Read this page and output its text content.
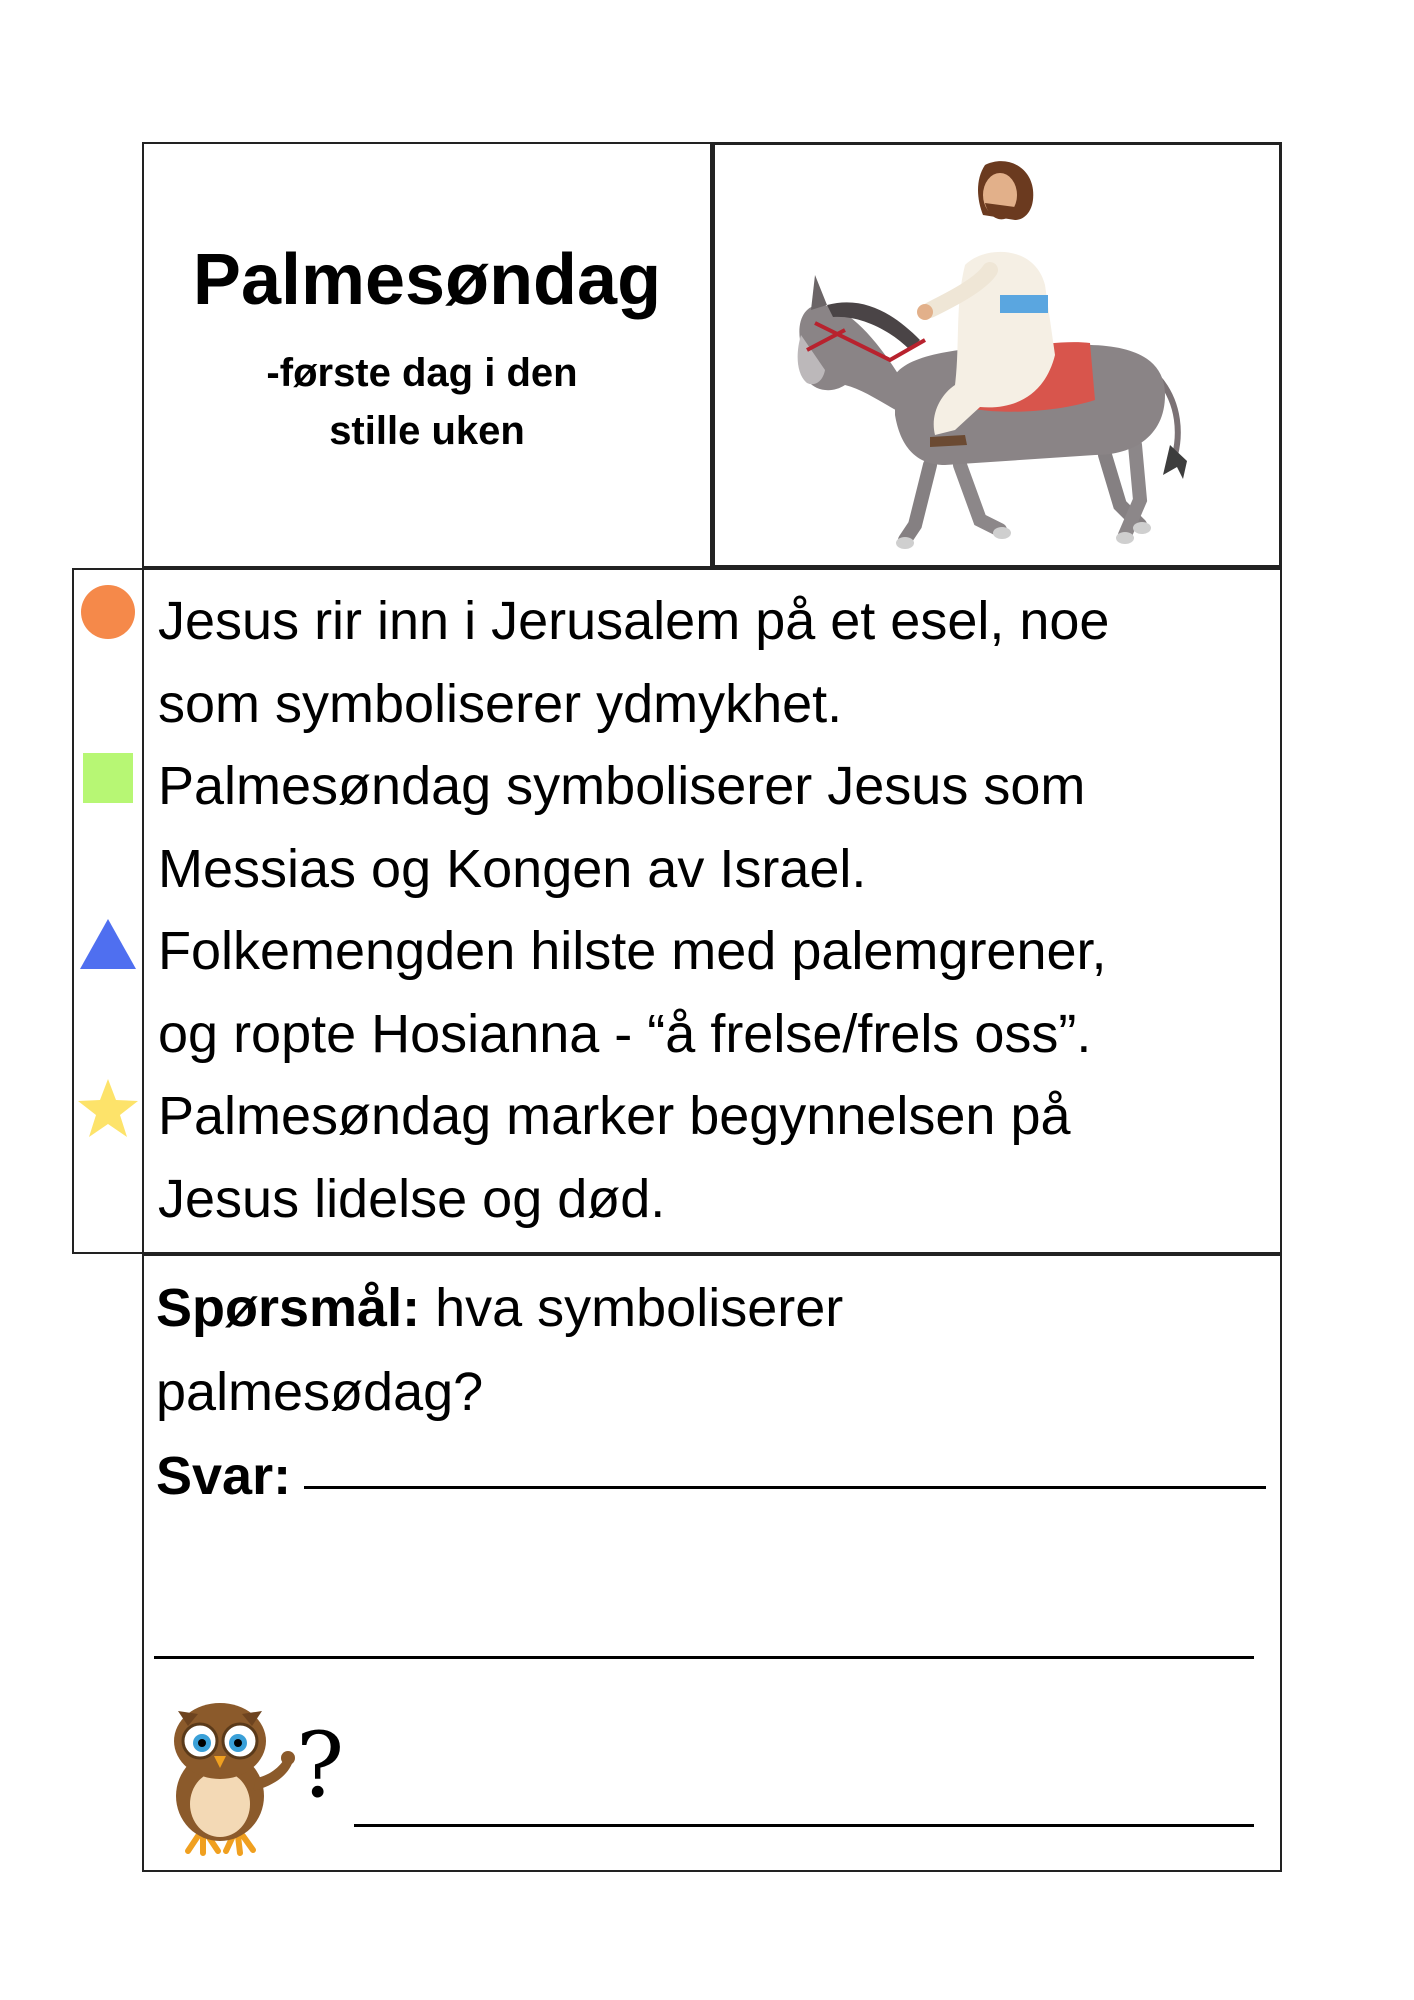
Palmesøndag
-første dag i den
stille uken
Jesus rir inn i Jerusalem på et esel, noe
som symboliserer ydmykhet.
Palmesøndag symboliserer Jesus som
Messias og Kongen av Israel.
Folkemengden hilste med palemgrener,
og ropte Hosianna - “å frelse/frels oss”.
Palmesøndag marker begynnelsen på
Jesus lidelse og død.
Spørsmål: hva symboliserer
palmesødag?
Svar:
?
